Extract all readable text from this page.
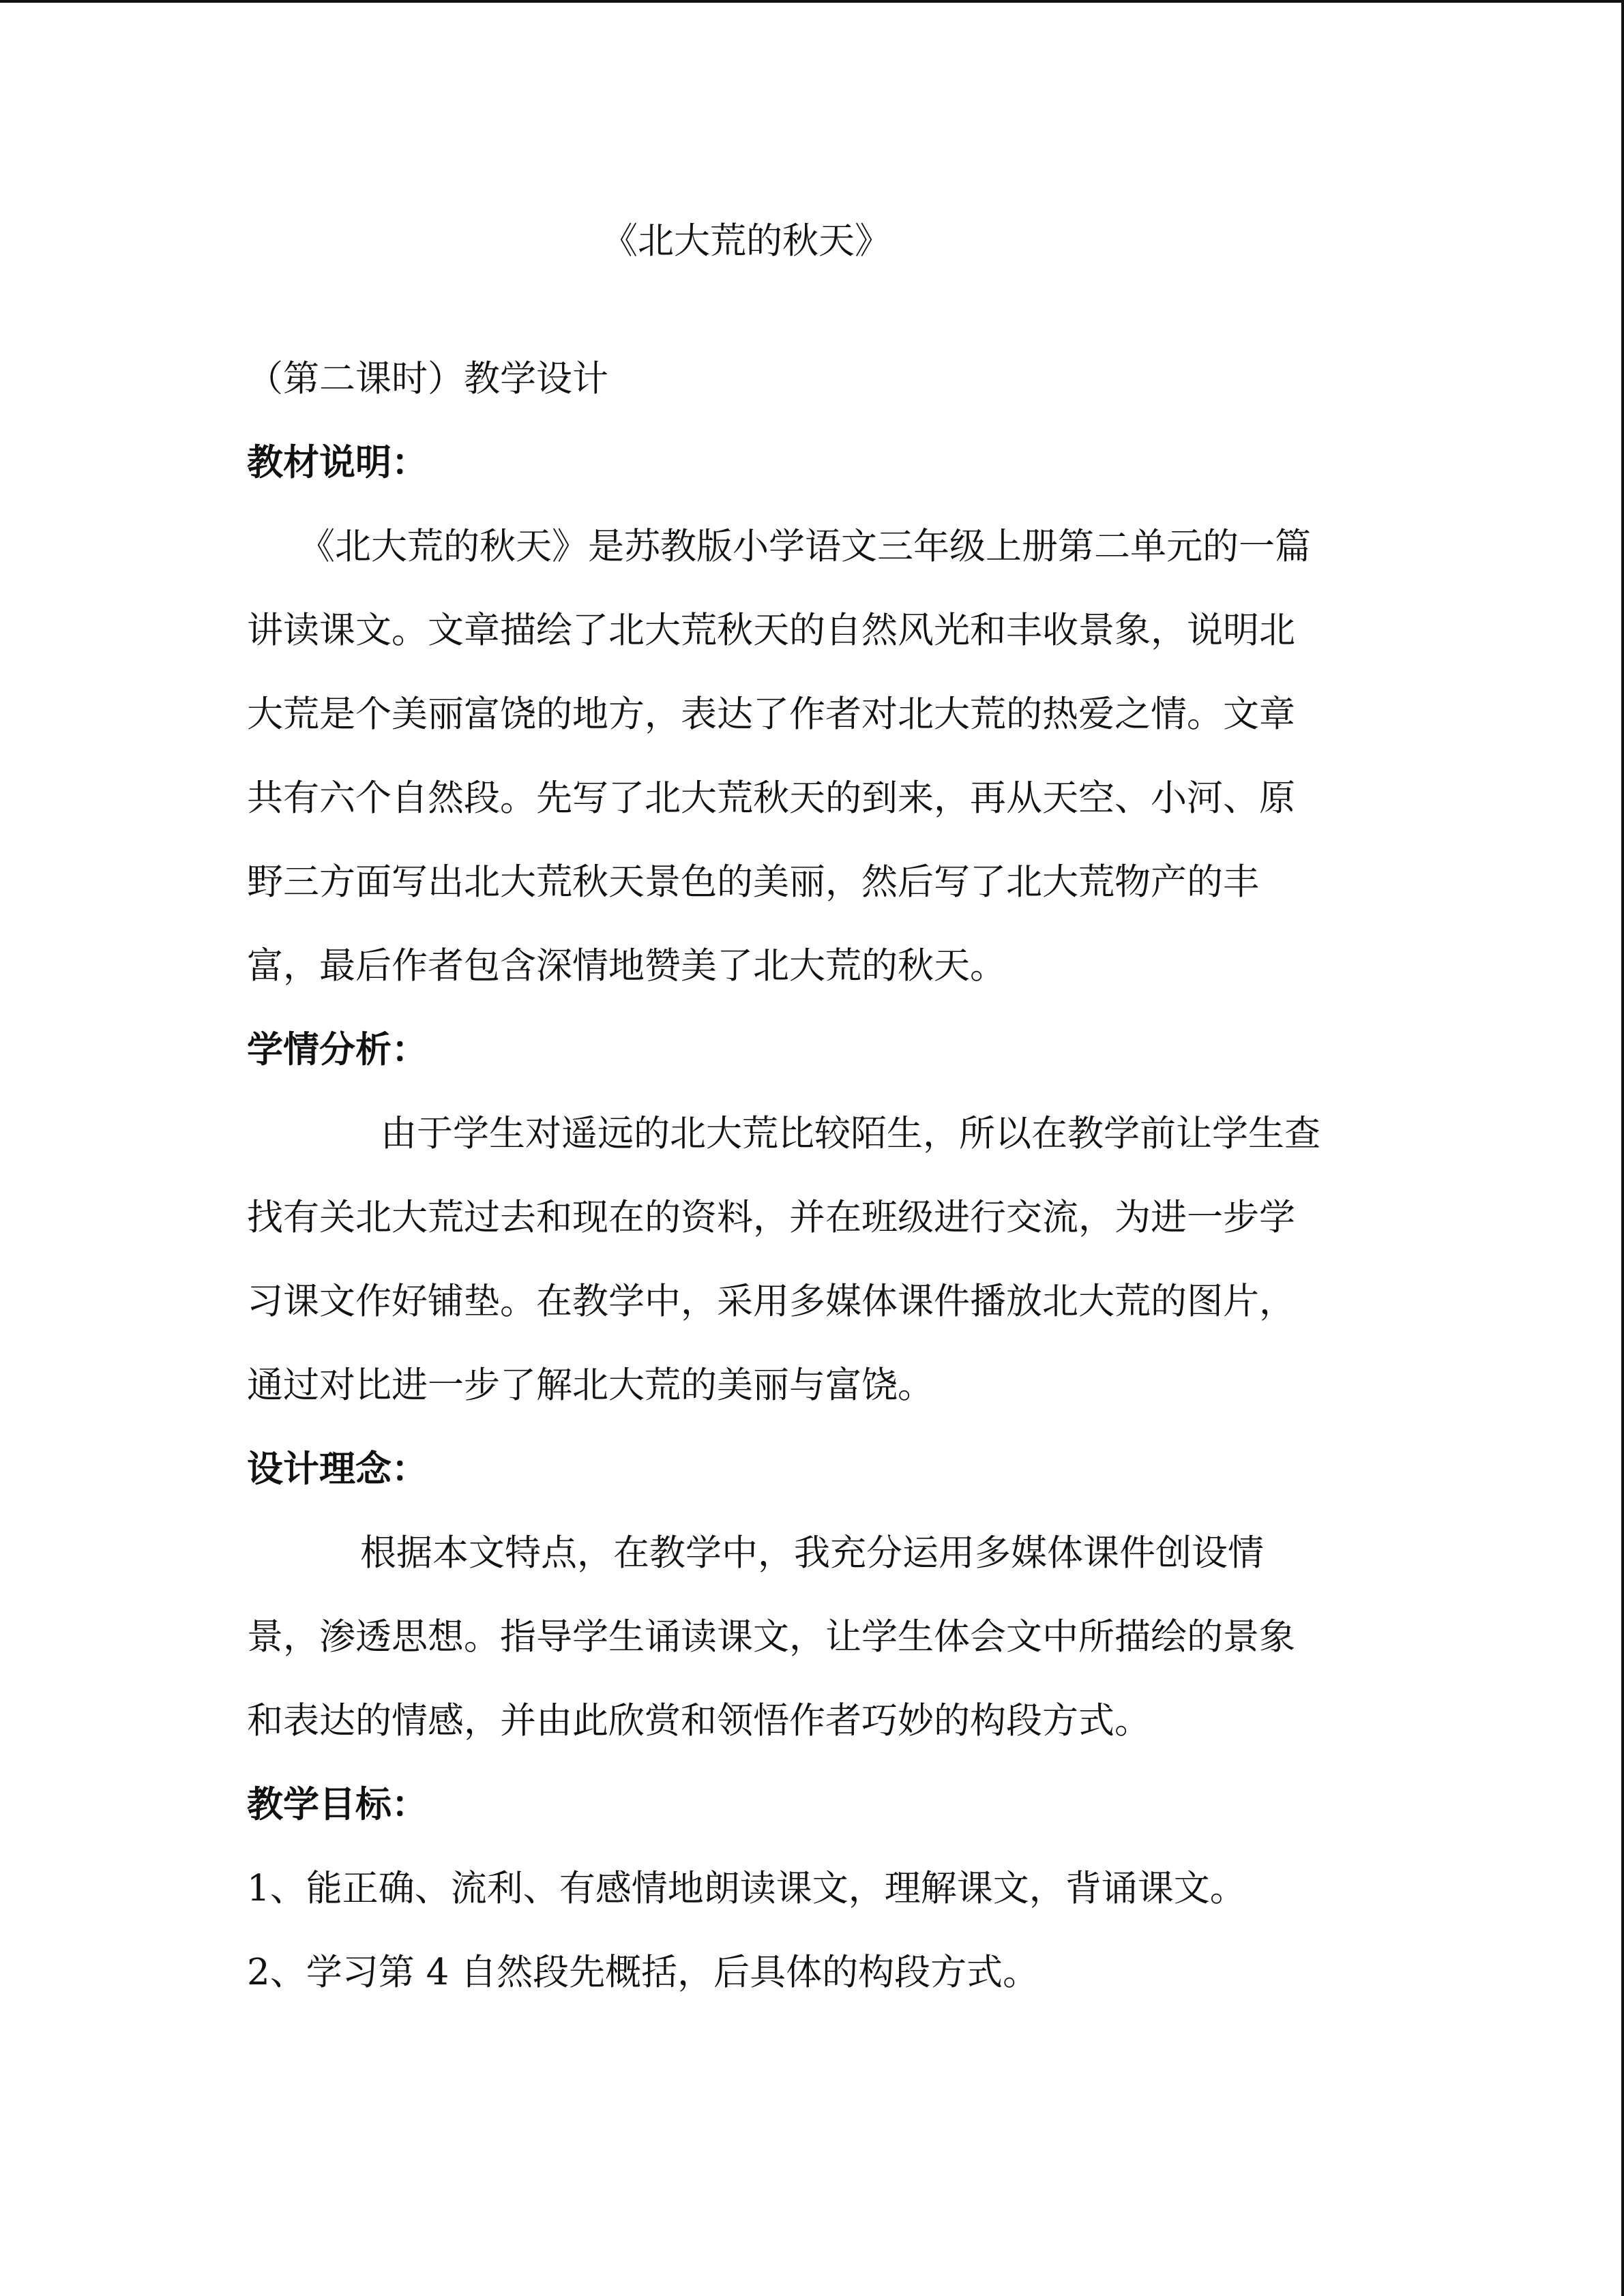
《北大荒的秋天》
（第二课时）教学设计
教材说明：
《北大荒的秋天》是苏教版小学语文三年级上册第二单元的一篇
讲读课文。文章描绘了北大荒秋天的自然风光和丰收景象，说明北
大荒是个美丽富饶的地方，表达了作者对北大荒的热爱之情。文章
共有六个自然段。先写了北大荒秋天的到来，再从天空、小河、原
野三方面写出北大荒秋天景色的美丽，然后写了北大荒物产的丰
富，最后作者包含深情地赞美了北大荒的秋天。
学情分析：
由于学生对遥远的北大荒比较陌生，所以在教学前让学生查
找有关北大荒过去和现在的资料，并在班级进行交流，为进一步学
习课文作好铺垫。在教学中，采用多媒体课件播放北大荒的图片，
通过对比进一步了解北大荒的美丽与富饶。
设计理念：
根据本文特点，在教学中，我充分运用多媒体课件创设情
景，渗透思想。指导学生诵读课文，让学生体会文中所描绘的景象
和表达的情感，并由此欣赏和领悟作者巧妙的构段方式。
教学目标：
1、能正确、流利、有感情地朗读课文，理解课文，背诵课文。
2、学习第 4 自然段先概括，后具体的构段方式。
